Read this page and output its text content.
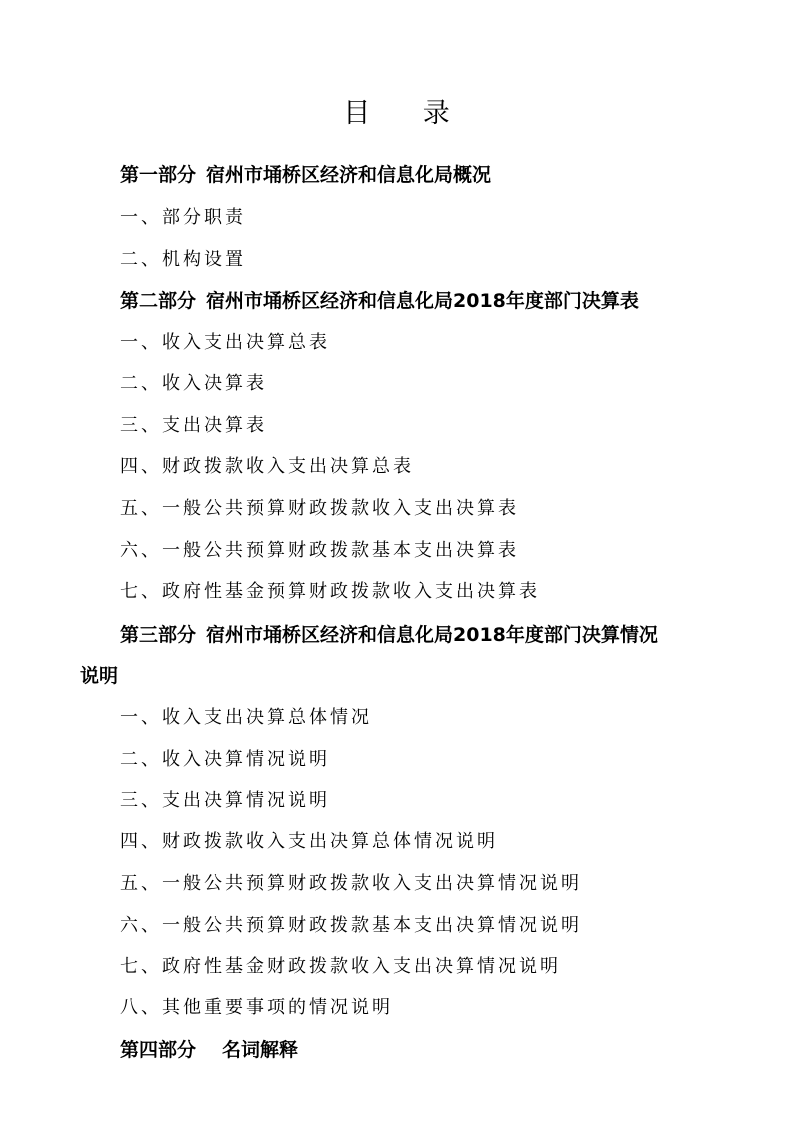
目 录
第一部分 宿州市埇桥区经济和信息化局概况
一、部分职责
二、机构设置
第二部分 宿州市埇桥区经济和信息化局2018年度部门决算表
一、收入支出决算总表
二、收入决算表
三、支出决算表
四、财政拨款收入支出决算总表
五、一般公共预算财政拨款收入支出决算表
六、一般公共预算财政拨款基本支出决算表
七、政府性基金预算财政拨款收入支出决算表
第三部分 宿州市埇桥区经济和信息化局2018年度部门决算情况
说明
一、收入支出决算总体情况
二、收入决算情况说明
三、支出决算情况说明
四、财政拨款收入支出决算总体情况说明
五、一般公共预算财政拨款收入支出决算情况说明
六、一般公共预算财政拨款基本支出决算情况说明
七、政府性基金财政拨款收入支出决算情况说明
八、其他重要事项的情况说明
第四部分 名词解释
